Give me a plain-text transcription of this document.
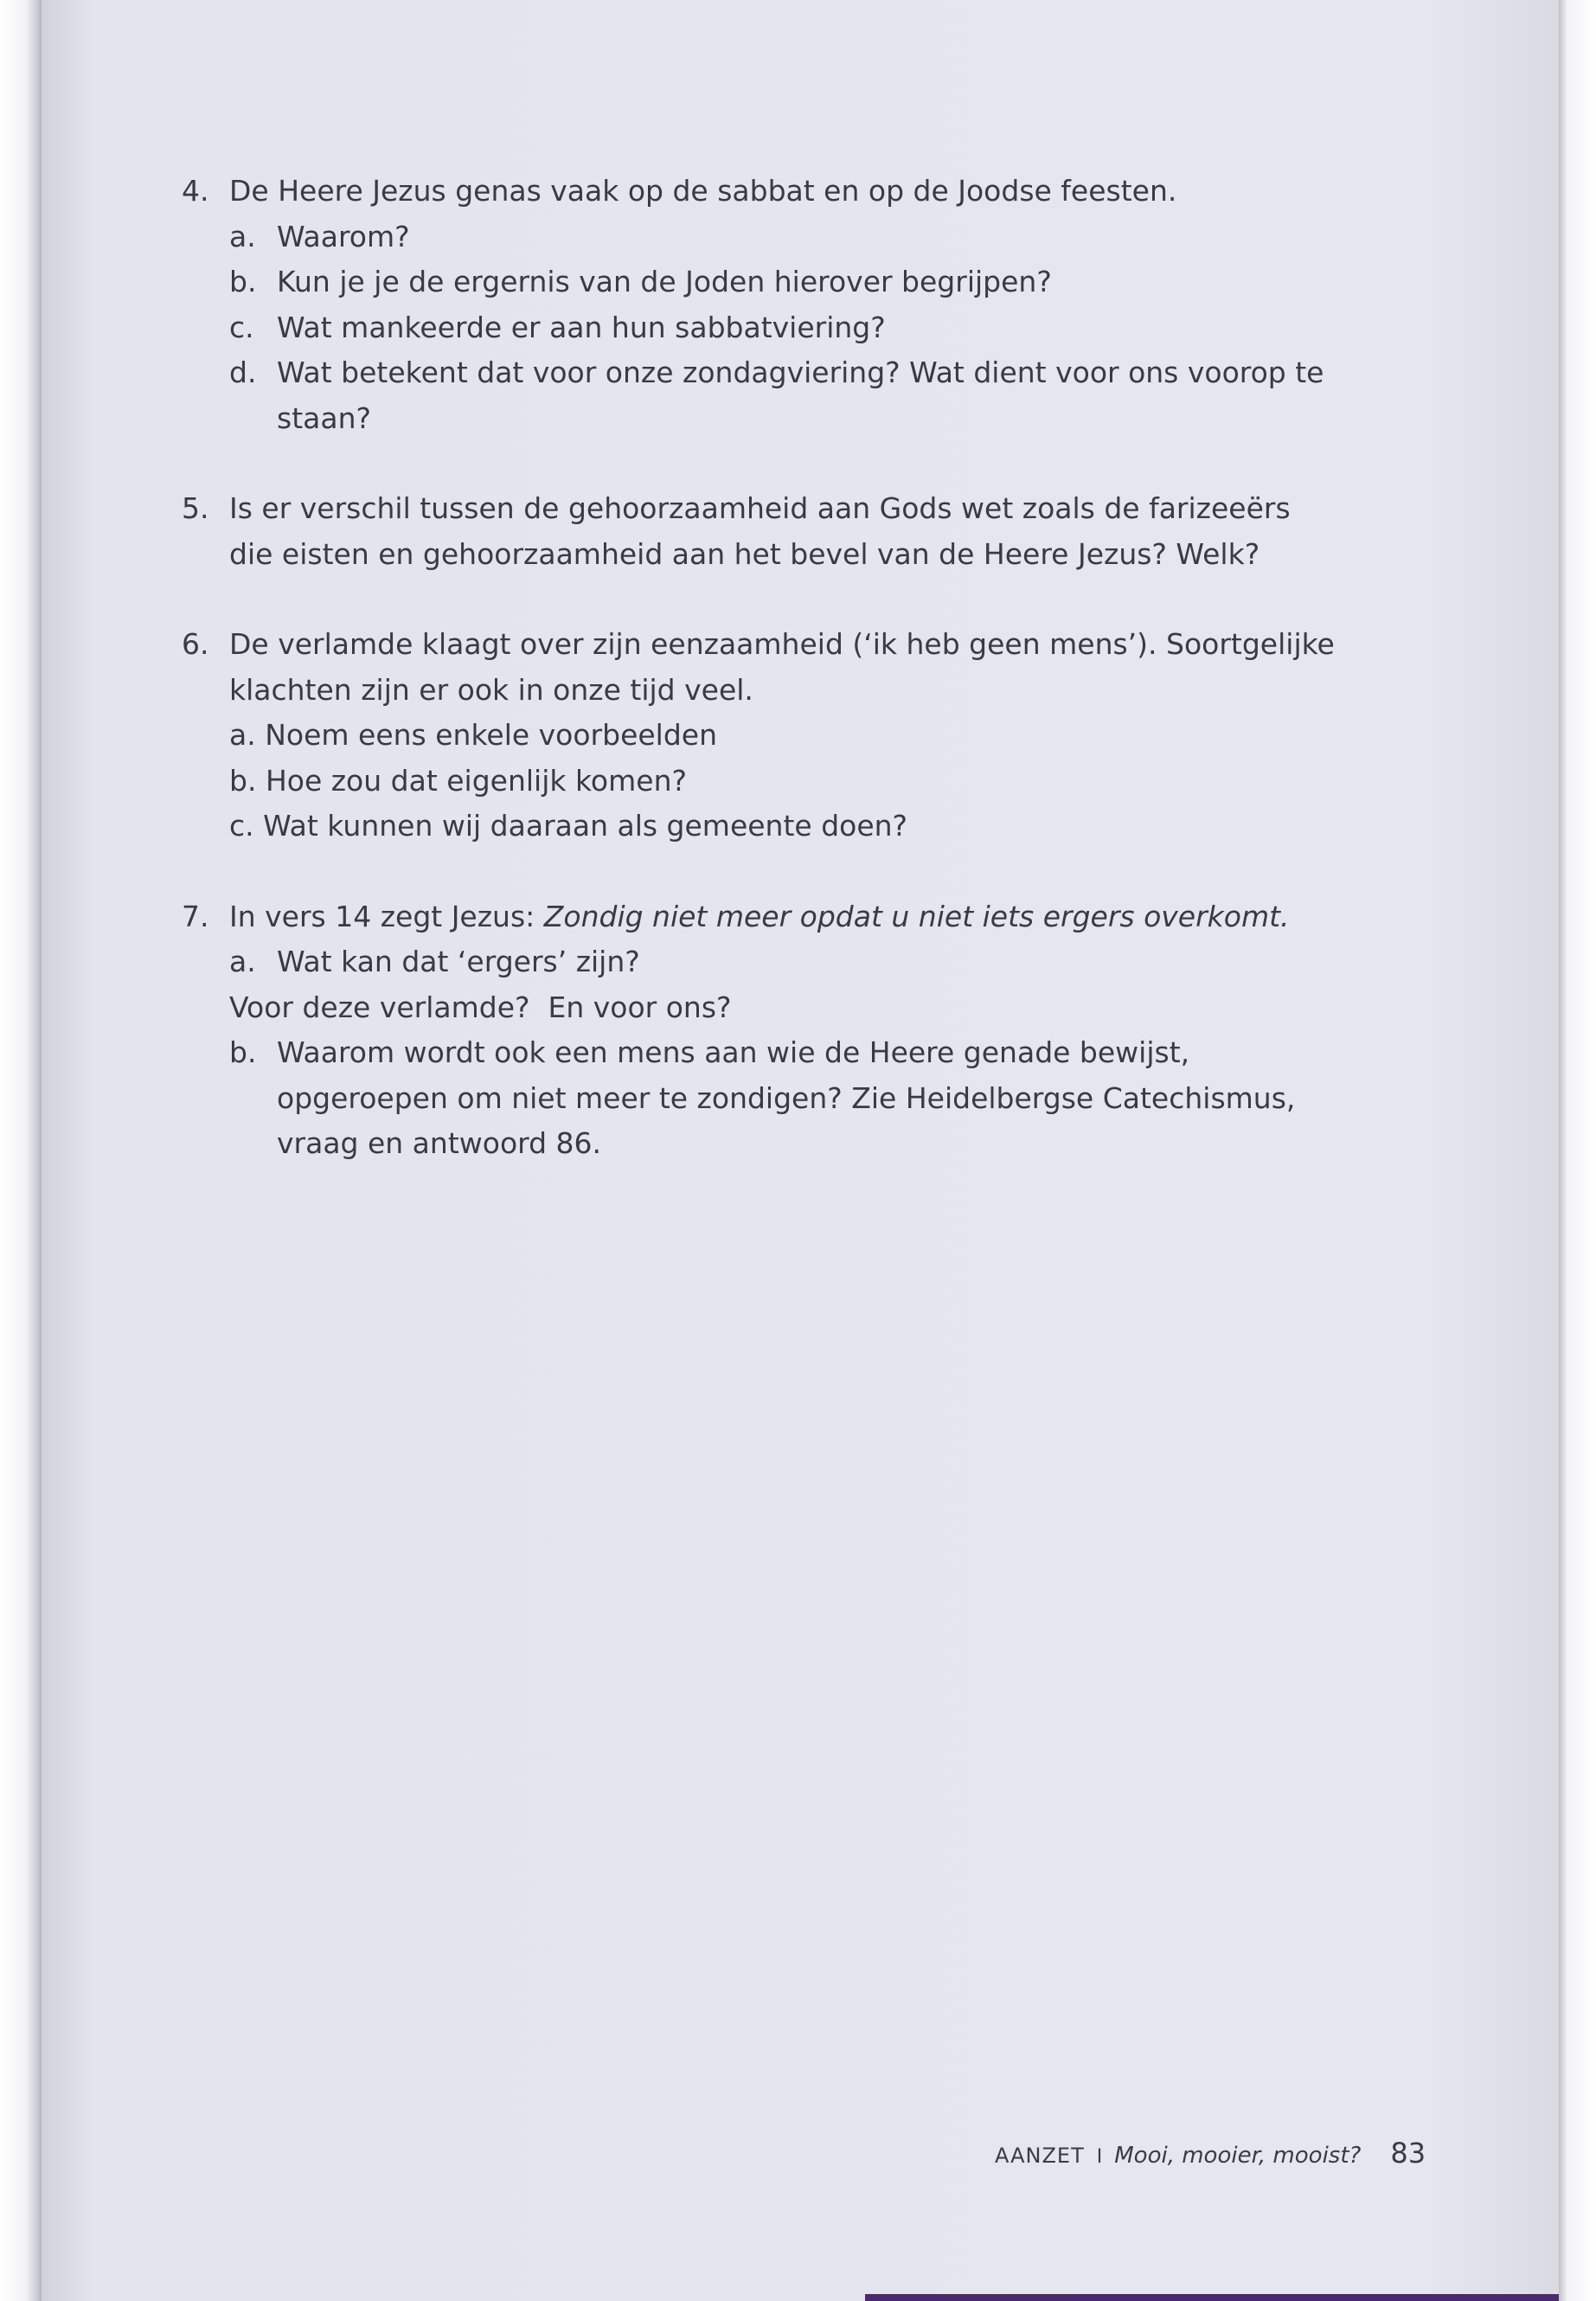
4. De Heere Jezus genas vaak op de sabbat en op de Joodse feesten.
a. Waarom?
b. Kun je je de ergernis van de Joden hierover begrijpen?
c. Wat mankeerde er aan hun sabbatviering?
d. Wat betekent dat voor onze zondagviering? Wat dient voor ons voorop te staan?
5. Is er verschil tussen de gehoorzaamheid aan Gods wet zoals de farizeeërs die eisten en gehoorzaamheid aan het bevel van de Heere Jezus? Welk?
6. De verlamde klaagt over zijn eenzaamheid (‘ik heb geen mens’). Soortgelijke klachten zijn er ook in onze tijd veel.
a. Noem eens enkele voorbeelden
b. Hoe zou dat eigenlijk komen?
c. Wat kunnen wij daaraan als gemeente doen?
7. In vers 14 zegt Jezus: Zondig niet meer opdat u niet iets ergers overkomt.
a. Wat kan dat ‘ergers’ zijn?
Voor deze verlamde?  En voor ons?
b. Waarom wordt ook een mens aan wie de Heere genade bewijst, opgeroepen om niet meer te zondigen? Zie Heidelbergse Catechismus, vraag en antwoord 86.
AANZET I Mooi, mooier, mooist? 83
